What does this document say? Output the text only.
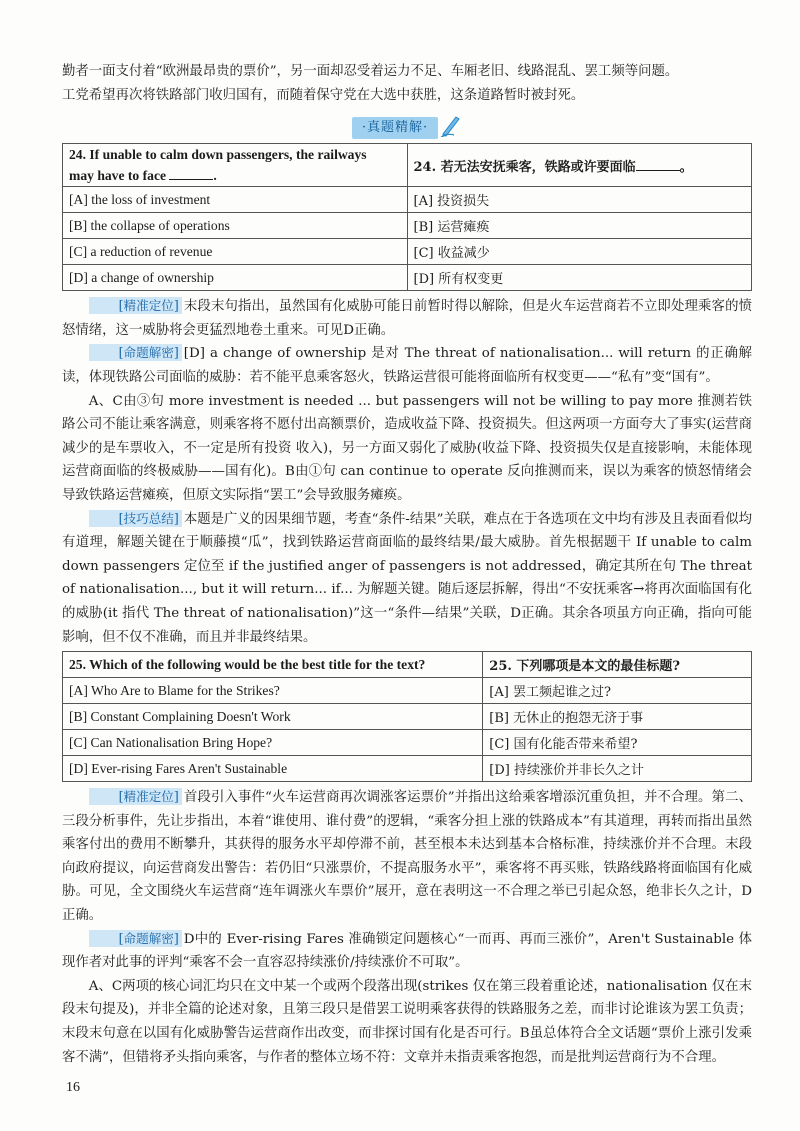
勤者一面支付着“欧洲最昂贵的票价”，另一面却忍受着运力不足、车厢老旧、线路混乱、罢工频等问题。

工党希望再次将铁路部门收归国有，而随着保守党在大选中获胜，这条道路暂时被封死。

·真题精解·
24. If unable to calm down passengers, the railways
may have to face .	24. 若无法安抚乘客，铁路或许要面临 。
[A] the loss of investment	[A] 投资损失
[B] the collapse of operations	[B] 运营瘫痪
[C] a reduction of revenue	[C] 收益减少
[D] a change of ownership	[D] 所有权变更

[精准定位] 末段末句指出，虽然国有化威胁可能日前暂时得以解除，但是火车运营商若不立即处理乘客的愤怒情绪，这一威胁将会更猛烈地卷土重来。可见D正确。

[命题解密] [D] a change of ownership 是对 The threat of nationalisation... will return 的正确解读，体现铁路公司面临的威胁：若不能平息乘客怒火，铁路运营很可能将面临所有权变更——“私有”变“国有”。

A、C由③句 more investment is needed ... but passengers will not be willing to pay more 推测若铁路公司不能让乘客满意，则乘客将不愿付出高额票价，造成收益下降、投资损失。但这两项一方面夸大了事实(运营商减少的是车票收入，不一定是所有投资 收入)，另一方面又弱化了威胁(收益下降、投资损失仅是直接影响，未能体现运营商面临的终极威胁——国有化)。B由①句 can continue to operate 反向推测而来，误以为乘客的愤怒情绪会导致铁路运营瘫痪，但原文实际指“罢工”会导致服务瘫痪。

[技巧总结] 本题是广义的因果细节题，考查“条件-结果”关联，难点在于各选项在文中均有涉及且表面看似均有道理，解题关键在于顺藤摸“瓜”，找到铁路运营商面临的最终结果/最大威胁。首先根据题干 If unable to calm down passengers 定位至 if the justified anger of passengers is not addressed，确定其所在句 The threat of nationalisation..., but it will return... if... 为解题关键。随后逐层拆解，得出“不安抚乘客→将再次面临国有化的威胁(it 指代 The threat of nationalisation)”这一“条件—结果”关联，D正确。其余各项虽方向正确，指向可能影响，但不仅不准确，而且并非最终结果。

25. Which of the following would be the best title for the text?	25. 下列哪项是本文的最佳标题?
[A] Who Are to Blame for the Strikes?	[A] 罢工频起谁之过?
[B] Constant Complaining Doesn't Work	[B] 无休止的抱怨无济于事
[C] Can Nationalisation Bring Hope?	[C] 国有化能否带来希望?
[D] Ever-rising Fares Aren't Sustainable	[D] 持续涨价并非长久之计

[精准定位] 首段引入事件“火车运营商再次调涨客运票价”并指出这给乘客增添沉重负担，并不合理。第二、三段分析事件，先让步指出，本着“谁使用、谁付费”的逻辑，“乘客分担上涨的铁路成本”有其道理，再转而指出虽然乘客付出的费用不断攀升，其获得的服务水平却停滞不前，甚至根本未达到基本合格标准，持续涨价并不合理。末段向政府提议，向运营商发出警告：若仍旧“只涨票价，不提高服务水平”，乘客将不再买账，铁路线路将面临国有化威胁。可见，全文围绕火车运营商“连年调涨火车票价”展开，意在表明这一不合理之举已引起众怒，绝非长久之计，D正确。

[命题解密] D中的 Ever-rising Fares 准确锁定问题核心“一而再、再而三涨价”，Aren't Sustainable 体现作者对此事的评判“乘客不会一直容忍持续涨价/持续涨价不可取”。

A、C两项的核心词汇均只在文中某一个或两个段落出现(strikes 仅在第三段着重论述，nationalisation 仅在末段末句提及)，并非全篇的论述对象，且第三段只是借罢工说明乘客获得的铁路服务之差，而非讨论谁该为罢工负责；末段末句意在以国有化威胁警告运营商作出改变，而非探讨国有化是否可行。B虽总体符合全文话题“票价上涨引发乘客不满”，但错将矛头指向乘客，与作者的整体立场不符：文章并未指责乘客抱怨，而是批判运营商行为不合理。

16
